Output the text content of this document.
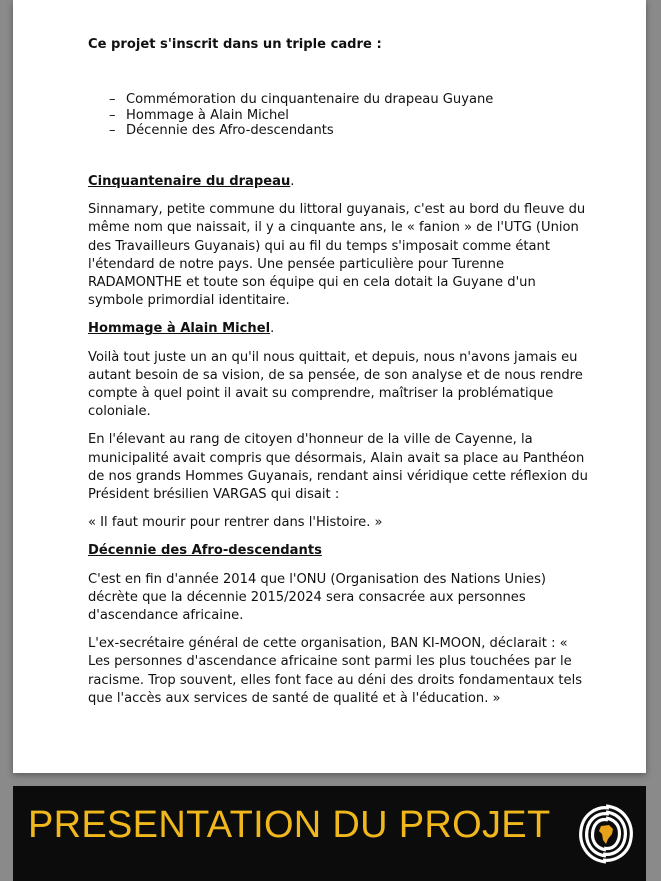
Ce projet s'inscrit dans un triple cadre :

– Commémoration du cinquantenaire du drapeau Guyane
– Hommage à Alain Michel
– Décennie des Afro-descendants
Cinquantenaire du drapeau.

Sinnamary, petite commune du littoral guyanais, c'est au bord du fleuve du même nom que naissait, il y a cinquante ans, le « fanion » de l'UTG (Union des Travailleurs Guyanais) qui au fil du temps s'imposait comme étant l'étendard de notre pays. Une pensée particulière pour Turenne RADAMONTHE et toute son équipe qui en cela dotait la Guyane d'un symbole primordial identitaire.

Hommage à Alain Michel.

Voilà tout juste un an qu'il nous quittait, et depuis, nous n'avons jamais eu autant besoin de sa vision, de sa pensée, de son analyse et de nous rendre compte à quel point il avait su comprendre, maîtriser la problématique coloniale.

En l'élevant au rang de citoyen d'honneur de la ville de Cayenne, la municipalité avait compris que désormais, Alain avait sa place au Panthéon de nos grands Hommes Guyanais, rendant ainsi véridique cette réflexion du Président brésilien VARGAS qui disait :

« Il faut mourir pour rentrer dans l'Histoire. »

Décennie des Afro-descendants

C'est en fin d'année 2014 que l'ONU (Organisation des Nations Unies) décrète que la décennie 2015/2024 sera consacrée aux personnes d'ascendance africaine.

L'ex-secrétaire général de cette organisation, BAN KI-MOON, déclarait : « Les personnes d'ascendance africaine sont parmi les plus touchées par le racisme. Trop souvent, elles font face au déni des droits fondamentaux tels que l'accès aux services de santé de qualité et à l'éducation. »

PRESENTATION DU PROJET
